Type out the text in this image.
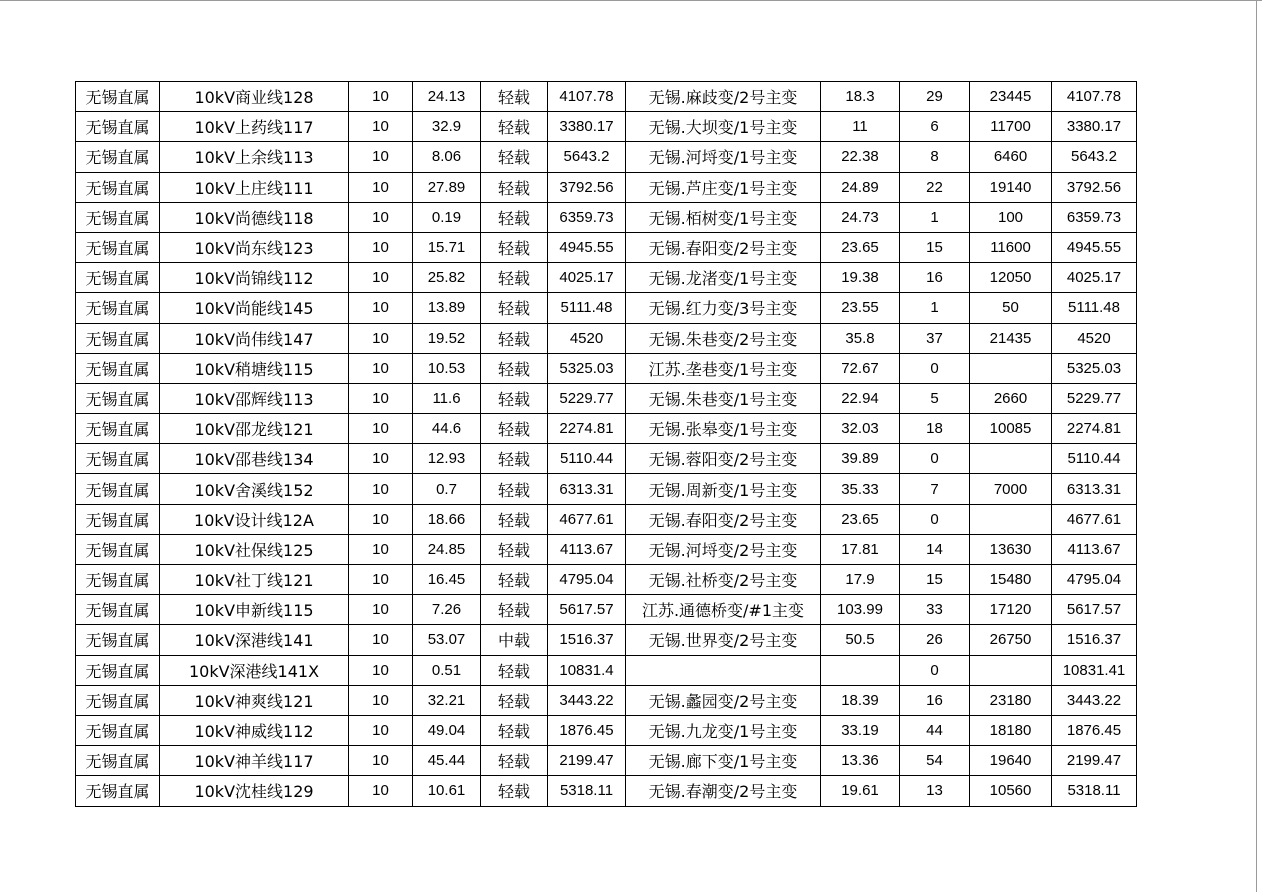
无锡直属	10kV商业线128	10	24.13	轻载	4107.78	无锡.麻歧变/2号主变	18.3	29	23445	4107.78
无锡直属	10kV上药线117	10	32.9	轻载	3380.17	无锡.大坝变/1号主变	11	6	11700	3380.17
无锡直属	10kV上余线113	10	8.06	轻载	5643.2	无锡.河埒变/1号主变	22.38	8	6460	5643.2
无锡直属	10kV上庄线111	10	27.89	轻载	3792.56	无锡.芦庄变/1号主变	24.89	22	19140	3792.56
无锡直属	10kV尚德线118	10	0.19	轻载	6359.73	无锡.栢树变/1号主变	24.73	1	100	6359.73
无锡直属	10kV尚东线123	10	15.71	轻载	4945.55	无锡.春阳变/2号主变	23.65	15	11600	4945.55
无锡直属	10kV尚锦线112	10	25.82	轻载	4025.17	无锡.龙渚变/1号主变	19.38	16	12050	4025.17
无锡直属	10kV尚能线145	10	13.89	轻载	5111.48	无锡.红力变/3号主变	23.55	1	50	5111.48
无锡直属	10kV尚伟线147	10	19.52	轻载	4520	无锡.朱巷变/2号主变	35.8	37	21435	4520
无锡直属	10kV稍塘线115	10	10.53	轻载	5325.03	江苏.垄巷变/1号主变	72.67	0		5325.03
无锡直属	10kV邵辉线113	10	11.6	轻载	5229.77	无锡.朱巷变/1号主变	22.94	5	2660	5229.77
无锡直属	10kV邵龙线121	10	44.6	轻载	2274.81	无锡.张皋变/1号主变	32.03	18	10085	2274.81
无锡直属	10kV邵巷线134	10	12.93	轻载	5110.44	无锡.蓉阳变/2号主变	39.89	0		5110.44
无锡直属	10kV舍溪线152	10	0.7	轻载	6313.31	无锡.周新变/1号主变	35.33	7	7000	6313.31
无锡直属	10kV设计线12A	10	18.66	轻载	4677.61	无锡.春阳变/2号主变	23.65	0		4677.61
无锡直属	10kV社保线125	10	24.85	轻载	4113.67	无锡.河埒变/2号主变	17.81	14	13630	4113.67
无锡直属	10kV社丁线121	10	16.45	轻载	4795.04	无锡.社桥变/2号主变	17.9	15	15480	4795.04
无锡直属	10kV申新线115	10	7.26	轻载	5617.57	江苏.通德桥变/#1主变	103.99	33	17120	5617.57
无锡直属	10kV深港线141	10	53.07	中载	1516.37	无锡.世界变/2号主变	50.5	26	26750	1516.37
无锡直属	10kV深港线141X	10	0.51	轻载	10831.4			0		10831.41
无锡直属	10kV神爽线121	10	32.21	轻载	3443.22	无锡.蠡园变/2号主变	18.39	16	23180	3443.22
无锡直属	10kV神威线112	10	49.04	轻载	1876.45	无锡.九龙变/1号主变	33.19	44	18180	1876.45
无锡直属	10kV神羊线117	10	45.44	轻载	2199.47	无锡.廊下变/1号主变	13.36	54	19640	2199.47
无锡直属	10kV沈桂线129	10	10.61	轻载	5318.11	无锡.春潮变/2号主变	19.61	13	10560	5318.11
